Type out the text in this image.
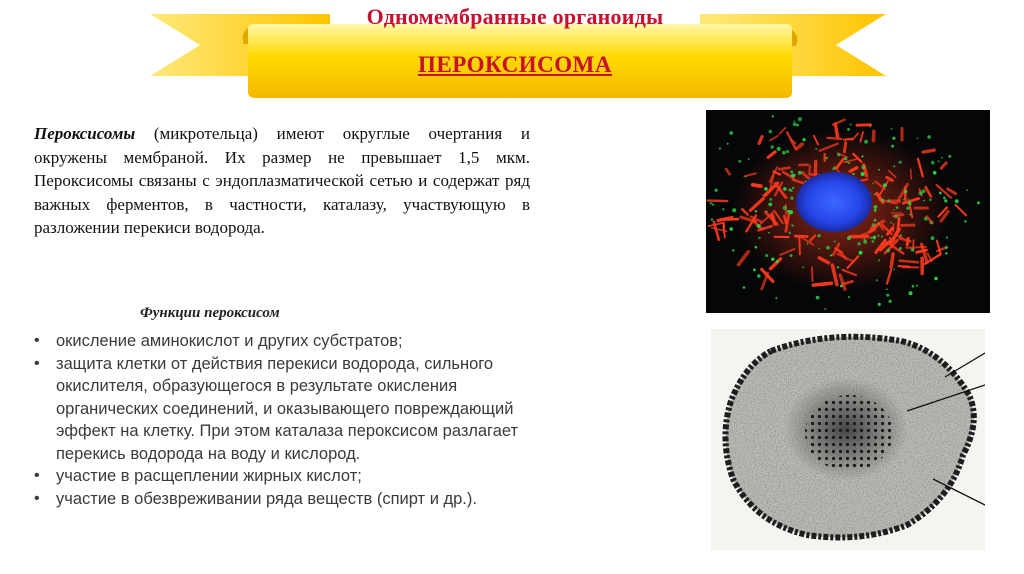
Одномембранные органоиды
ПЕРОКСИСОМА

Пероксисомы (микротельца) имеют округлые очертания и окружены мембраной. Их размер не превышает 1,5 мкм. Пероксисомы связаны с эндоплазматической сетью и содержат ряд важных ферментов, в частности, каталазу, участвующую в разложении перекиси водорода.

Функции пероксисом
• окисление аминокислот и других субстратов;
• защита клетки от действия перекиси водорода, сильного окислителя, образующегося в результате окисления органических соединений, и оказывающего повреждающий эффект на клетку. При этом каталаза пероксисом разлагает перекись водорода на воду и кислород.
• участие в расщеплении жирных кислот;
• участие в обезвреживании ряда веществ (спирт и др.).
